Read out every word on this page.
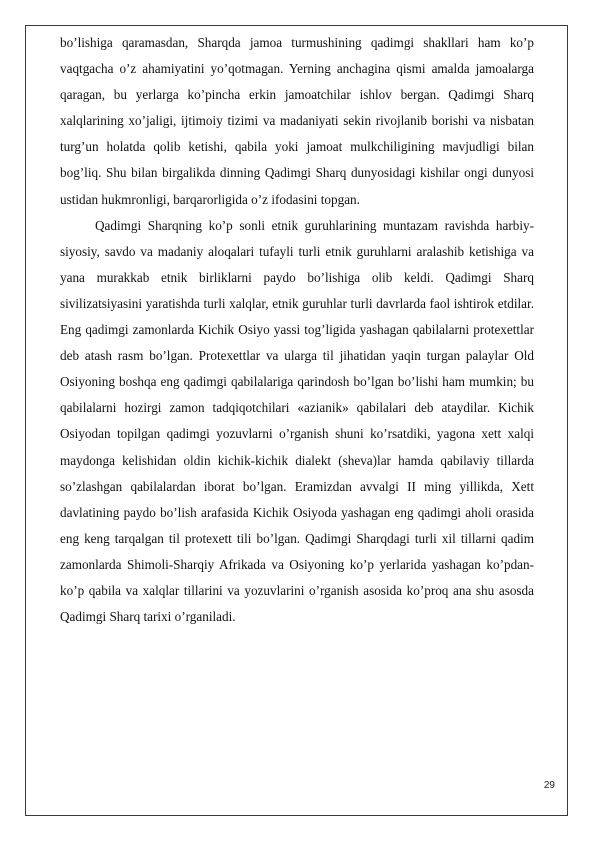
bo’lishiga qaramasdan, Sharqda jamoa turmushining qadimgi shakllari ham ko’p vaqtgacha o’z ahamiyatini yo’qotmagan. Yerning anchagina qismi amalda jamoalarga qaragan, bu yerlarga ko’pincha erkin jamoatchilar ishlov bergan. Qadimgi Sharq xalqlarining xo’jaligi, ijtimoiy tizimi va madaniyati sekin rivojlanib borishi va nisbatan turg’un holatda qolib ketishi, qabila yoki jamoat mulkchiligining mavjudligi bilan bog’liq. Shu bilan birgalikda dinning Qadimgi Sharq dunyosidagi kishilar ongi dunyosi ustidan hukmronligi, barqarorligida o’z ifodasini topgan.

Qadimgi Sharqning ko’p sonli etnik guruhlarining muntazam ravishda harbiy-siyosiy, savdo va madaniy aloqalari tufayli turli etnik guruhlarni aralashib ketishiga va yana murakkab etnik birliklarni paydo bo’lishiga olib keldi. Qadimgi Sharq sivilizatsiyasini yaratishda turli xalqlar, etnik guruhlar turli davrlarda faol ishtirok etdilar. Eng qadimgi zamonlarda Kichik Osiyo yassi tog’ligida yashagan qabilalarni protexettlar deb atash rasm bo’lgan. Protexettlar va ularga til jihatidan yaqin turgan palaylar Old Osiyoning boshqa eng qadimgi qabilalariga qarindosh bo’lgan bo’lishi ham mumkin; bu qabilalarni hozirgi zamon tadqiqotchilari «azianik» qabilalari deb ataydilar. Kichik Osiyodan topilgan qadimgi yozuvlarni o’rganish shuni ko’rsatdiki, yagona xett xalqi maydonga kelishidan oldin kichik-kichik dialekt (sheva)lar hamda qabilaviy tillarda so’zlashgan qabilalardan iborat bo’lgan. Eramizdan avvalgi II ming yillikda, Xett davlatining paydo bo’lish arafasida Kichik Osiyoda yashagan eng qadimgi aholi orasida eng keng tarqalgan til protexett tili bo’lgan. Qadimgi Sharqdagi turli xil tillarni qadim zamonlarda Shimoli-Sharqiy Afrikada va Osiyoning ko’p yerlarida yashagan ko’pdan-ko’p qabila va xalqlar tillarini va yozuvlarini o’rganish asosida ko’proq ana shu asosda Qadimgi Sharq tarixi o’rganiladi.

29
